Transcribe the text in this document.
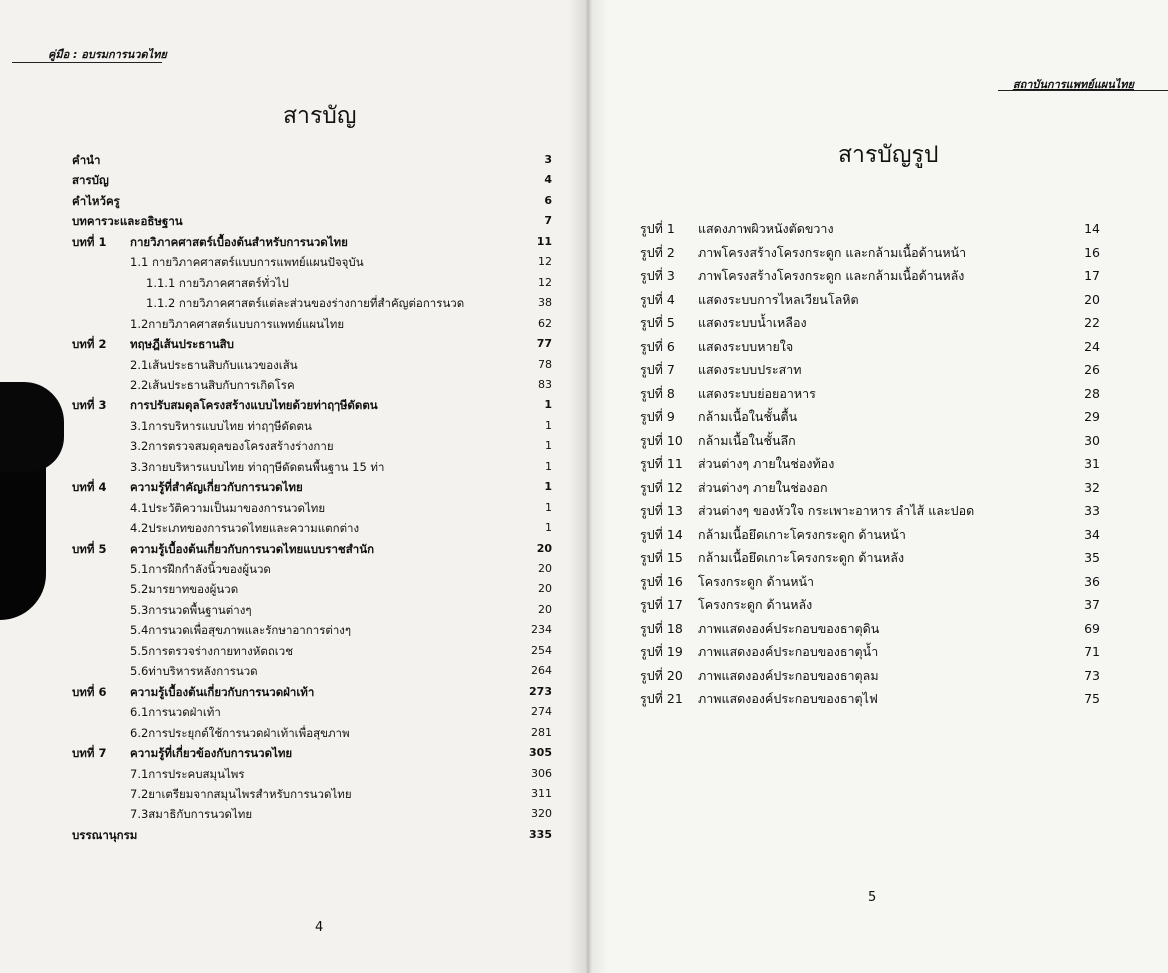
คู่มือ : อบรมการนวดไทย
สารบัญ
คำนำ	3
สารบัญ	4
คำไหว้ครู	6
บทคารวะและอธิษฐาน	7
บทที่ 1 กายวิภาคศาสตร์เบื้องต้นสำหรับการนวดไทย	11
1.1 กายวิภาคศาสตร์แบบการแพทย์แผนปัจจุบัน	12
1.1.1 กายวิภาคศาสตร์ทั่วไป	12
1.1.2 กายวิภาคศาสตร์แต่ละส่วนของร่างกายที่สำคัญต่อการนวด	38
1.2กายวิภาคศาสตร์แบบการแพทย์แผนไทย	62
บทที่ 2 ทฤษฎีเส้นประธานสิบ	77
2.1เส้นประธานสิบกับแนวของเส้น	78
2.2เส้นประธานสิบกับการเกิดโรค	83
บทที่ 3 การปรับสมดุลโครงสร้างแบบไทยด้วยท่าฤๅษีดัดตน	1
3.1การบริหารแบบไทย ท่าฤๅษีดัดตน	1
3.2การตรวจสมดุลของโครงสร้างร่างกาย	1
3.3กายบริหารแบบไทย ท่าฤๅษีดัดตนพื้นฐาน 15 ท่า	1
บทที่ 4 ความรู้ที่สำคัญเกี่ยวกับการนวดไทย	1
4.1ประวัติความเป็นมาของการนวดไทย	1
4.2ประเภทของการนวดไทยและความแตกต่าง	1
บทที่ 5 ความรู้เบื้องต้นเกี่ยวกับการนวดไทยแบบราชสำนัก	20
5.1การฝึกกำลังนิ้วของผู้นวด	20
5.2มารยาทของผู้นวด	20
5.3การนวดพื้นฐานต่างๆ	20
5.4การนวดเพื่อสุขภาพและรักษาอาการต่างๆ	234
5.5การตรวจร่างกายทางหัตถเวช	254
5.6ท่าบริหารหลังการนวด	264
บทที่ 6 ความรู้เบื้องต้นเกี่ยวกับการนวดฝ่าเท้า	273
6.1การนวดฝ่าเท้า	274
6.2การประยุกต์ใช้การนวดฝ่าเท้าเพื่อสุขภาพ	281
บทที่ 7 ความรู้ที่เกี่ยวข้องกับการนวดไทย	305
7.1การประคบสมุนไพร	306
7.2ยาเตรียมจากสมุนไพรสำหรับการนวดไทย	311
7.3สมาธิกับการนวดไทย	320
บรรณานุกรม	335
4
สถาบันการแพทย์แผนไทย
สารบัญรูป
รูปที่ 1 แสดงภาพผิวหนังตัดขวาง	14
รูปที่ 2 ภาพโครงสร้างโครงกระดูก และกล้ามเนื้อด้านหน้า	16
รูปที่ 3 ภาพโครงสร้างโครงกระดูก และกล้ามเนื้อด้านหลัง	17
รูปที่ 4 แสดงระบบการไหลเวียนโลหิต	20
รูปที่ 5 แสดงระบบน้ำเหลือง	22
รูปที่ 6 แสดงระบบหายใจ	24
รูปที่ 7 แสดงระบบประสาท	26
รูปที่ 8 แสดงระบบย่อยอาหาร	28
รูปที่ 9 กล้ามเนื้อในชั้นตื้น	29
รูปที่ 10 กล้ามเนื้อในชั้นลึก	30
รูปที่ 11 ส่วนต่างๆ ภายในช่องท้อง	31
รูปที่ 12 ส่วนต่างๆ ภายในช่องอก	32
รูปที่ 13 ส่วนต่างๆ ของหัวใจ กระเพาะอาหาร ลำไส้ และปอด	33
รูปที่ 14 กล้ามเนื้อยึดเกาะโครงกระดูก ด้านหน้า	34
รูปที่ 15 กล้ามเนื้อยึดเกาะโครงกระดูก ด้านหลัง	35
รูปที่ 16 โครงกระดูก ด้านหน้า	36
รูปที่ 17 โครงกระดูก ด้านหลัง	37
รูปที่ 18 ภาพแสดงองค์ประกอบของธาตุดิน	69
รูปที่ 19 ภาพแสดงองค์ประกอบของธาตุน้ำ	71
รูปที่ 20 ภาพแสดงองค์ประกอบของธาตุลม	73
รูปที่ 21 ภาพแสดงองค์ประกอบของธาตุไฟ	75
5
